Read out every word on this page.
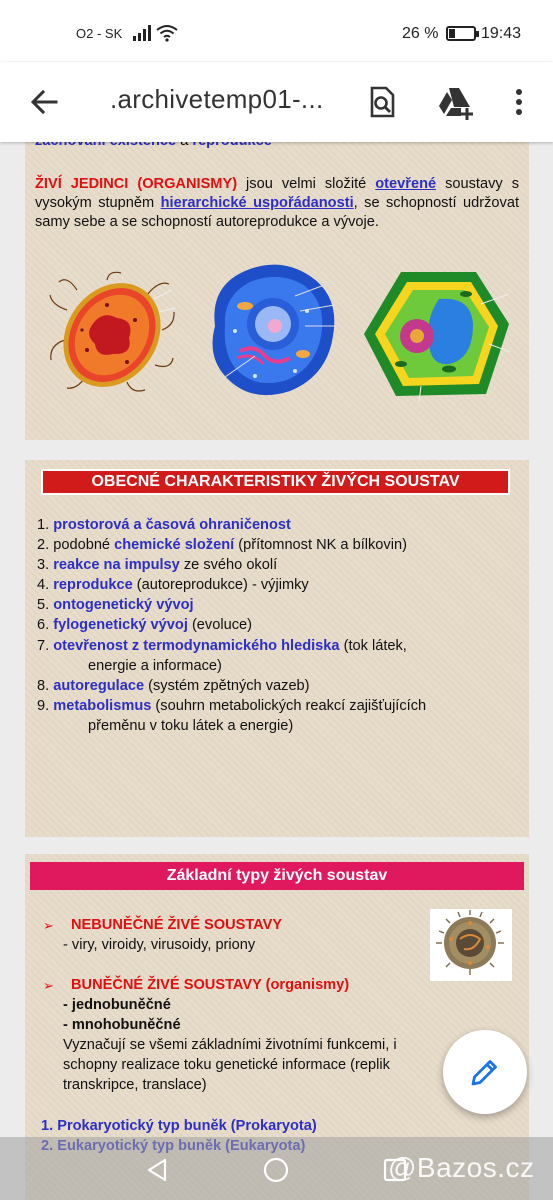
O2 - SK	26 %	19:43
.archivetemp01-...
ŽIVÍ JEDINCI (ORGANISMY) jsou velmi složité otevřené soustavy s vysokým stupněm hierarchické uspořádanosti, se schopností udržovat samy sebe a se schopností autoreprodukce a vývoje.
OBECNÉ CHARAKTERISTIKY ŽIVÝCH SOUSTAV
1. prostorová a časová ohraničenost
2. podobné chemické složení (přítomnost NK a bílkovin)
3. reakce na impulsy ze svého okolí
4. reprodukce (autoreprodukce) - výjimky
5. ontogenetický vývoj
6. fylogenetický vývoj (evoluce)
7. otevřenost z termodynamického hlediska (tok látek,
energie a informace)
8. autoregulace (systém zpětných vazeb)
9. metabolismus (souhrn metabolických reakcí zajišťujících
přeměnu v toku látek a energie)
Základní typy živých soustav
➢ NEBUNĚČNÉ ŽIVÉ SOUSTAVY
- viry, viroidy, virusoidy, priony
➢ BUNĚČNÉ ŽIVÉ SOUSTAVY (organismy)
- jednobuněčné
- mnohobuněčné
Vyznačují se všemi základními životními funkcemi, i
schopny realizace toku genetické informace (replik
transkripce, translace)
1. Prokaryotický typ buněk (Prokaryota)
@Bazos.cz
